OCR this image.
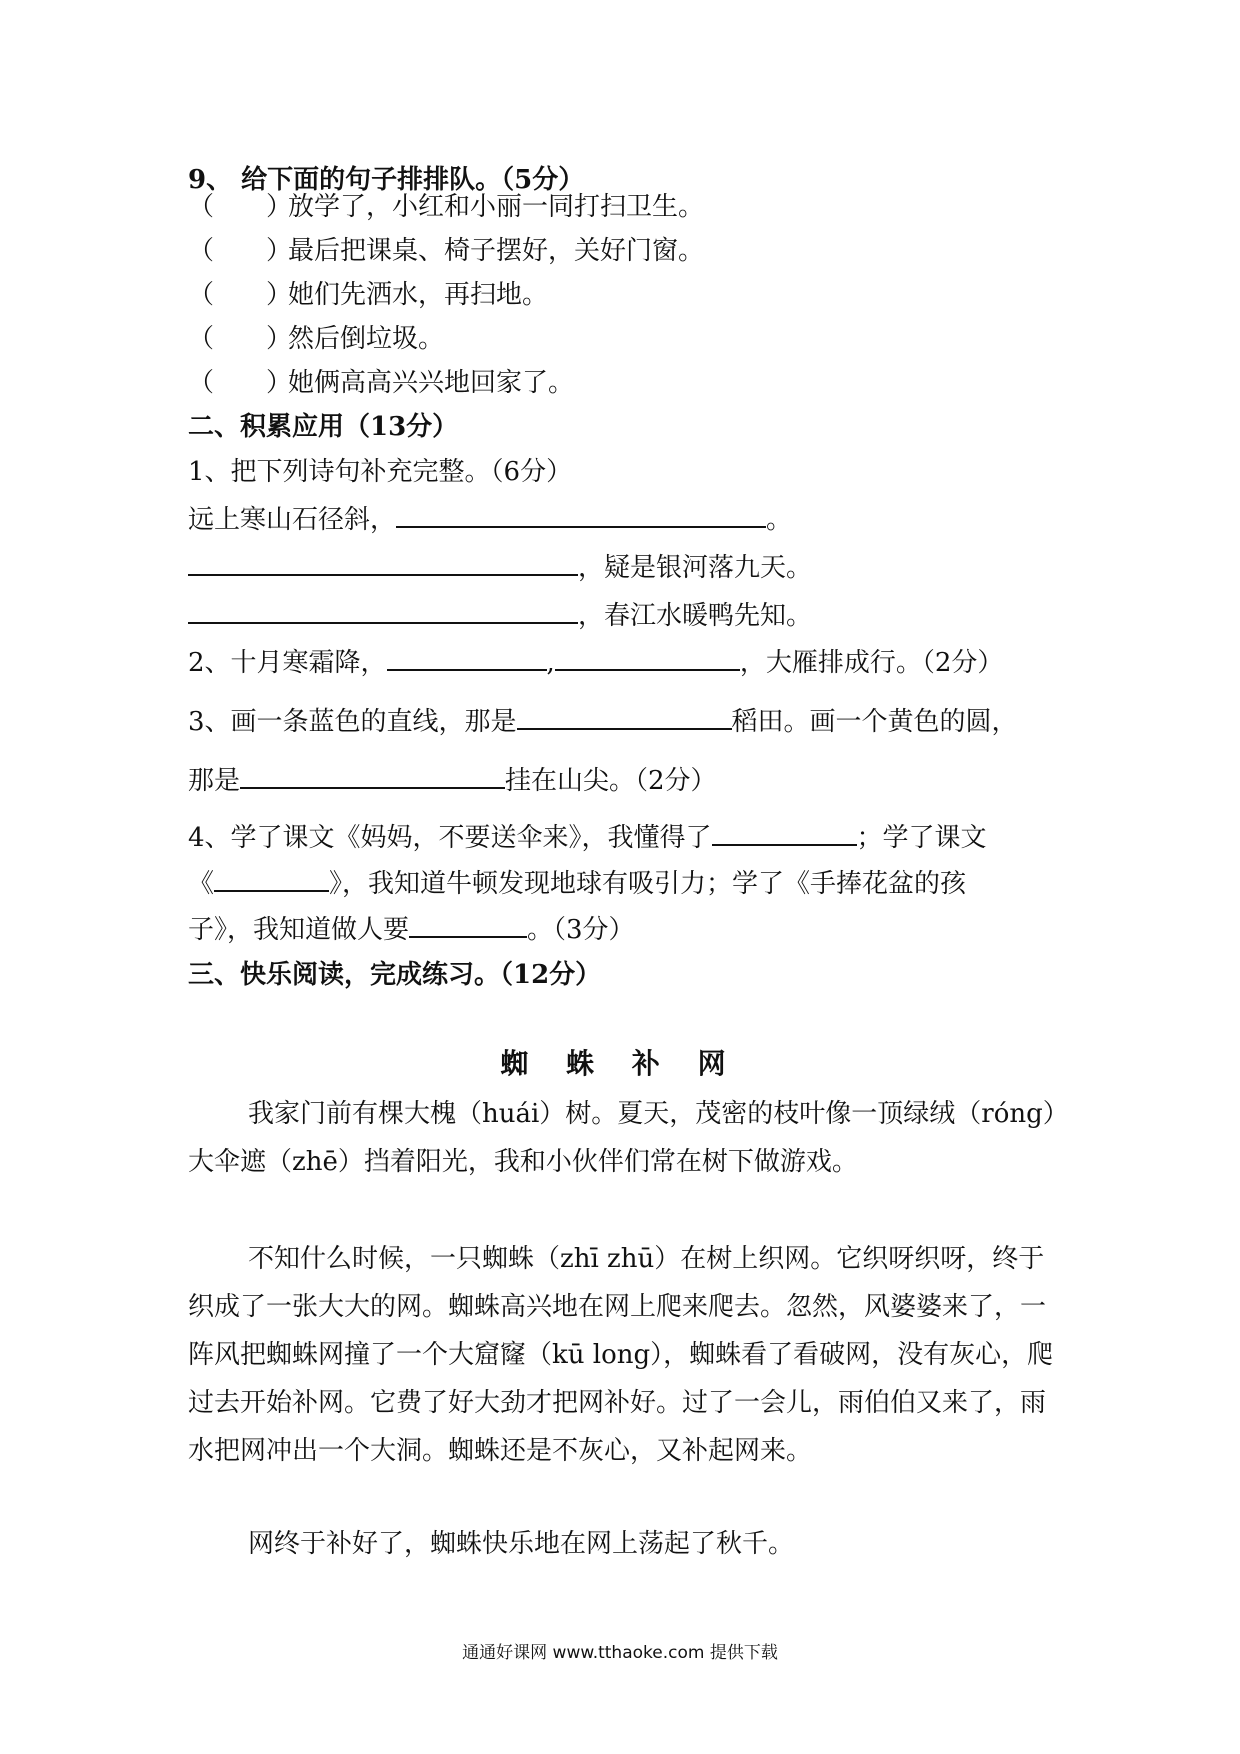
9、 给下面的句子排排队。（5分）
（　　）放学了，小红和小丽一同打扫卫生。
（　　）最后把课桌、椅子摆好，关好门窗。
（　　）她们先洒水，再扫地。
（　　）然后倒垃圾。
（　　）她俩高高兴兴地回家了。
二、积累应用（13分）
1、把下列诗句补充完整。（6分）
远上寒山石径斜，	。
，疑是银河落九天。
，春江水暖鸭先知。
2、十月寒霜降，	,	，大雁排成行。（2分）
3、画一条蓝色的直线，那是	稻田。画一个黄色的圆，
那是	挂在山尖。（2分）
4、学了课文《妈妈，不要送伞来》，我懂得了	；学了课文
《	》，我知道牛顿发现地球有吸引力；学了《手捧花盆的孩
子》，我知道做人要	。（3分）
三、快乐阅读，完成练习。（12分）
蜘 蛛 补 网
我家门前有棵大槐（huái）树。夏天，茂密的枝叶像一顶绿绒（róng）大伞遮（zhē）挡着阳光，我和小伙伴们常在树下做游戏。
不知什么时候，一只蜘蛛（zhī zhū）在树上织网。它织呀织呀，终于织成了一张大大的网。蜘蛛高兴地在网上爬来爬去。忽然，风婆婆来了，一阵风把蜘蛛网撞了一个大窟窿（kū long），蜘蛛看了看破网，没有灰心，爬过去开始补网。它费了好大劲才把网补好。过了一会儿，雨伯伯又来了，雨水把网冲出一个大洞。蜘蛛还是不灰心，又补起网来。
网终于补好了，蜘蛛快乐地在网上荡起了秋千。
通通好课网 www.tthaoke.com 提供下载
